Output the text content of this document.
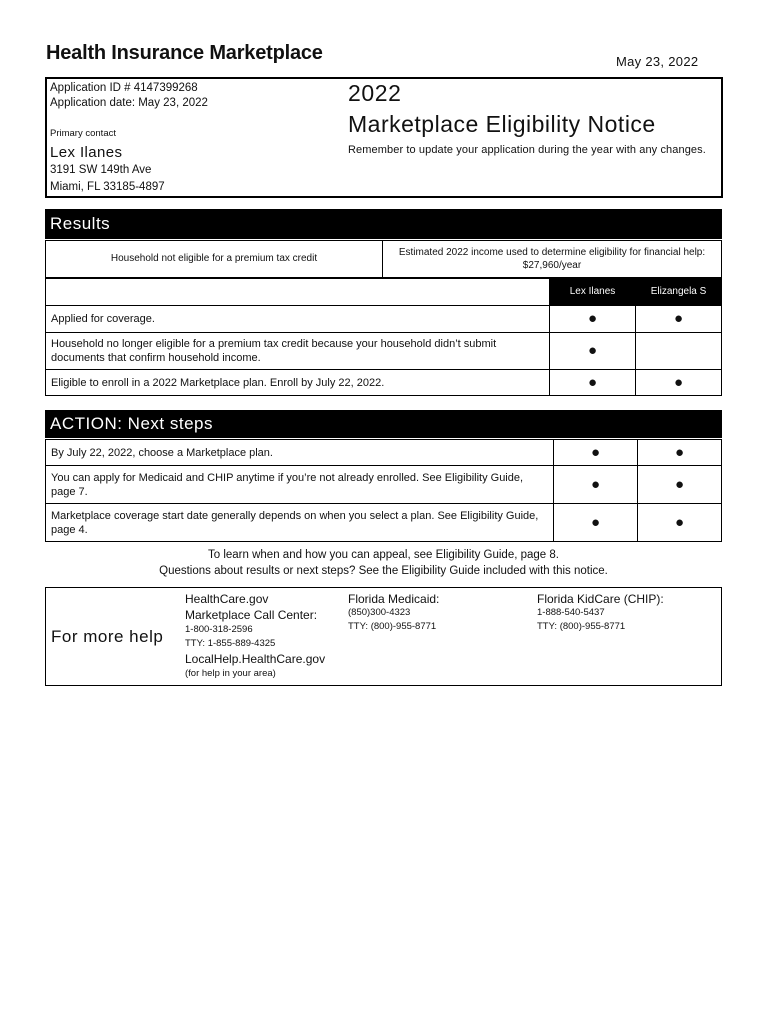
Health Insurance Marketplace	May 23, 2022
Application ID # 4147399268
Application date: May 23, 2022
Primary contact
Lex Ilanes
3191 SW 149th Ave
Miami, FL 33185-4897
2022
Marketplace Eligibility Notice
Remember to update your application during the year with any changes.
Results
Household not eligible for a premium tax credit	Estimated 2022 income used to determine eligibility for financial help: $27,960/year
	Lex Ilanes	Elizangela S
Applied for coverage.	●	●
Household no longer eligible for a premium tax credit because your household didn’t submit documents that confirm household income.	●	
Eligible to enroll in a 2022 Marketplace plan. Enroll by July 22, 2022.	●	●
ACTION: Next steps
By July 22, 2022, choose a Marketplace plan.	●	●
You can apply for Medicaid and CHIP anytime if you’re not already enrolled. See Eligibility Guide, page 7.	●	●
Marketplace coverage start date generally depends on when you select a plan. See Eligibility Guide, page 4.	●	●
To learn when and how you can appeal, see Eligibility Guide, page 8.
Questions about results or next steps? See the Eligibility Guide included with this notice.
For more help
HealthCare.gov
Marketplace Call Center:
1-800-318-2596
TTY: 1-855-889-4325
LocalHelp.HealthCare.gov
(for help in your area)
Florida Medicaid:
(850)300-4323
TTY: (800)-955-8771
Florida KidCare (CHIP):
1-888-540-5437
TTY: (800)-955-8771
